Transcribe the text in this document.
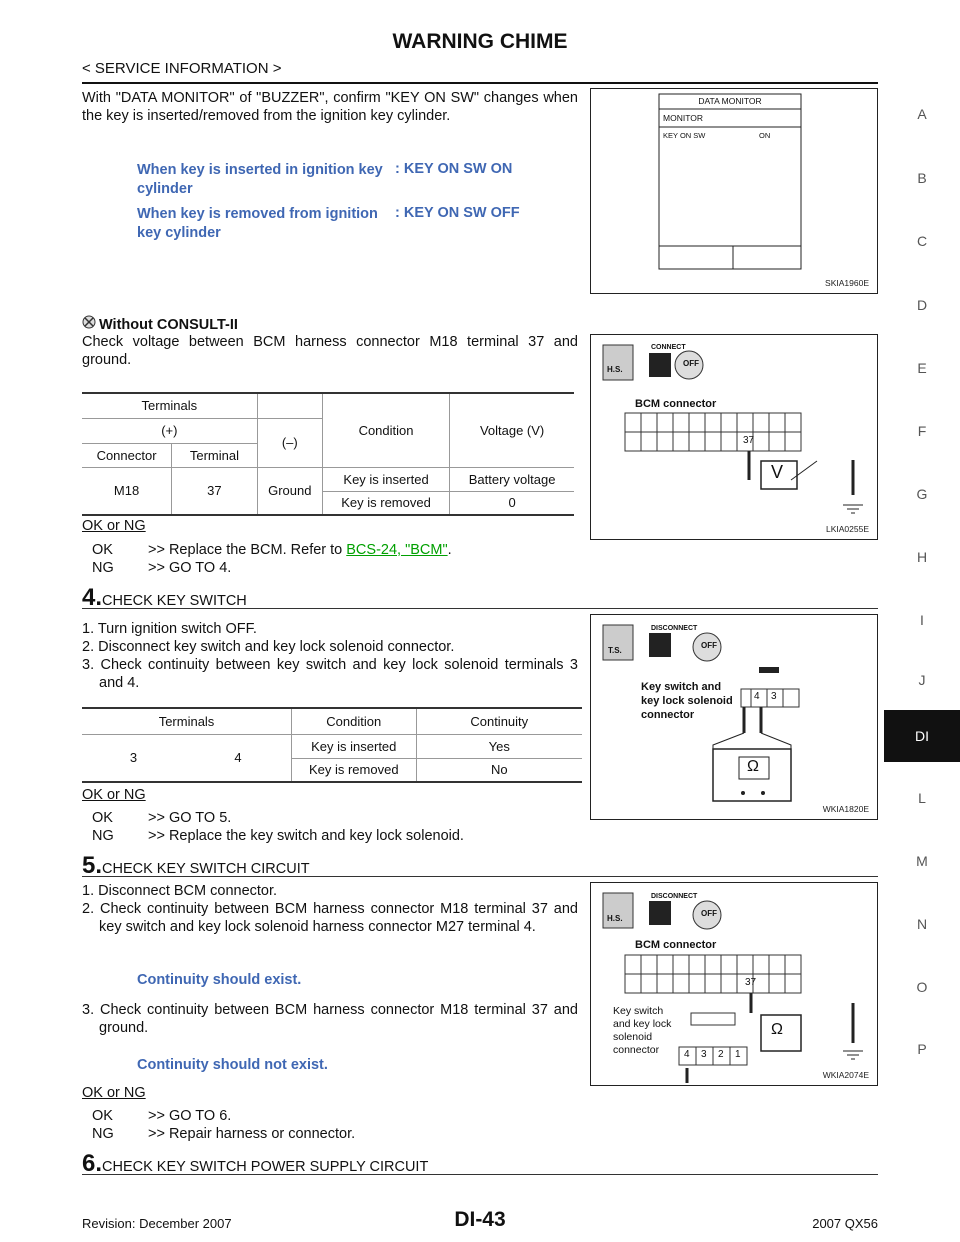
WARNING CHIME
< SERVICE INFORMATION >
A
B
C
D
E
F
G
H
I
J
DI
L
M
N
O
P
With "DATA MONITOR" of "BUZZER", confirm "KEY ON SW" changes when the key is inserted/removed from the ignition key cylinder.
When key is inserted in ignition key cylinder
: KEY ON SW ON
When key is removed from ignition key cylinder
: KEY ON SW OFF
DATA MONITOR
MONITOR
KEY ON SW	ON
SKIA1960E
Without CONSULT-II
Check voltage between BCM harness connector M18 terminal 37 and ground.
Terminals			Condition	Voltage (V)
(+)		(–)		
Connector	Terminal			
M18	37	Ground	Key is inserted	Battery voltage
			Key is removed	0
OK or NG
OK >> Replace the BCM. Refer to BCS-24, "BCM".
NG >> GO TO 4.
CONNECT
H.S.
OFF
BCM connector
37
V
LKIA0255E
4. CHECK KEY SWITCH
1. Turn ignition switch OFF.
2. Disconnect key switch and key lock solenoid connector.
3. Check continuity between key switch and key lock solenoid terminals 3 and 4.
Terminals		Condition	Continuity
3	4	Key is inserted	Yes
		Key is removed	No
OK or NG
OK >> GO TO 5.
NG >> Replace the key switch and key lock solenoid.
DISCONNECT
T.S.
OFF
Key switch and
key lock solenoid
connector
4 3
Ω
WKIA1820E
5. CHECK KEY SWITCH CIRCUIT
1. Disconnect BCM connector.
2. Check continuity between BCM harness connector M18 terminal 37 and key switch and key lock solenoid harness connector M27 terminal 4.
Continuity should exist.
3. Check continuity between BCM harness connector M18 terminal 37 and ground.
Continuity should not exist.
OK or NG
OK >> GO TO 6.
NG >> Repair harness or connector.
DISCONNECT
H.S.
OFF
BCM connector
37
Key switch
and key lock
solenoid
connector 4 3 2 1
Ω
WKIA2074E
6. CHECK KEY SWITCH POWER SUPPLY CIRCUIT
Revision: December 2007	DI-43	2007 QX56
